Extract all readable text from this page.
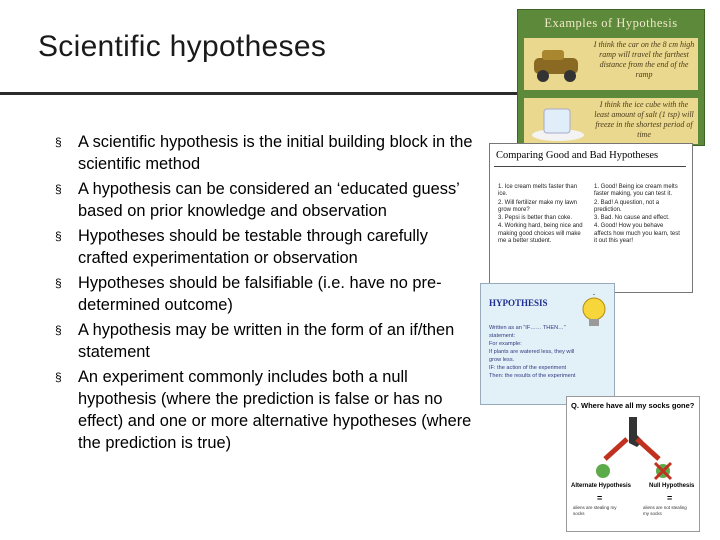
Scientific hypotheses
§ A scientific hypothesis is the initial building block in the scientific method
§ A hypothesis can be considered an ‘educated guess’ based on prior knowledge and observation
§ Hypotheses should be testable through carefully crafted experimentation or observation
§ Hypotheses should be falsifiable (i.e. have no pre-determined outcome)
§ A hypothesis may be written in the form of an if/then statement
§ An experiment commonly includes both a null hypothesis (where the prediction is false or has no effect) and one or more alternative hypotheses (where the prediction is true)
Examples of Hypothesis
I think the car on the 8 cm high ramp will travel the farthest distance from the end of the ramp
I think the ice cube with the least amount of salt (1 tsp) will freeze in the shortest period of time
Comparing Good and Bad Hypotheses
1. Ice cream melts faster than ice.
2. Will fertilizer make my lawn grow more?
3. Pepsi is better than coke.
4. Working hard, being nice and making good choices will make me a better student.
1. Good! Being ice cream melts faster making, you can test it.
2. Bad! A question, not a prediction.
3. Bad. No cause and effect.
4. Good! How you behave affects how much you learn, test it out this year!
HYPOTHESIS
Written as an “IF…… THEN…” statement:
For example:
If plants are watered less, they will grow less.
IF: the action of the experiment
Then: the results of the experiment
Q. Where have all my socks gone?
Alternate Hypothesis	Null Hypothesis
=	=
aliens are stealing my socks
aliens are not stealing my socks
